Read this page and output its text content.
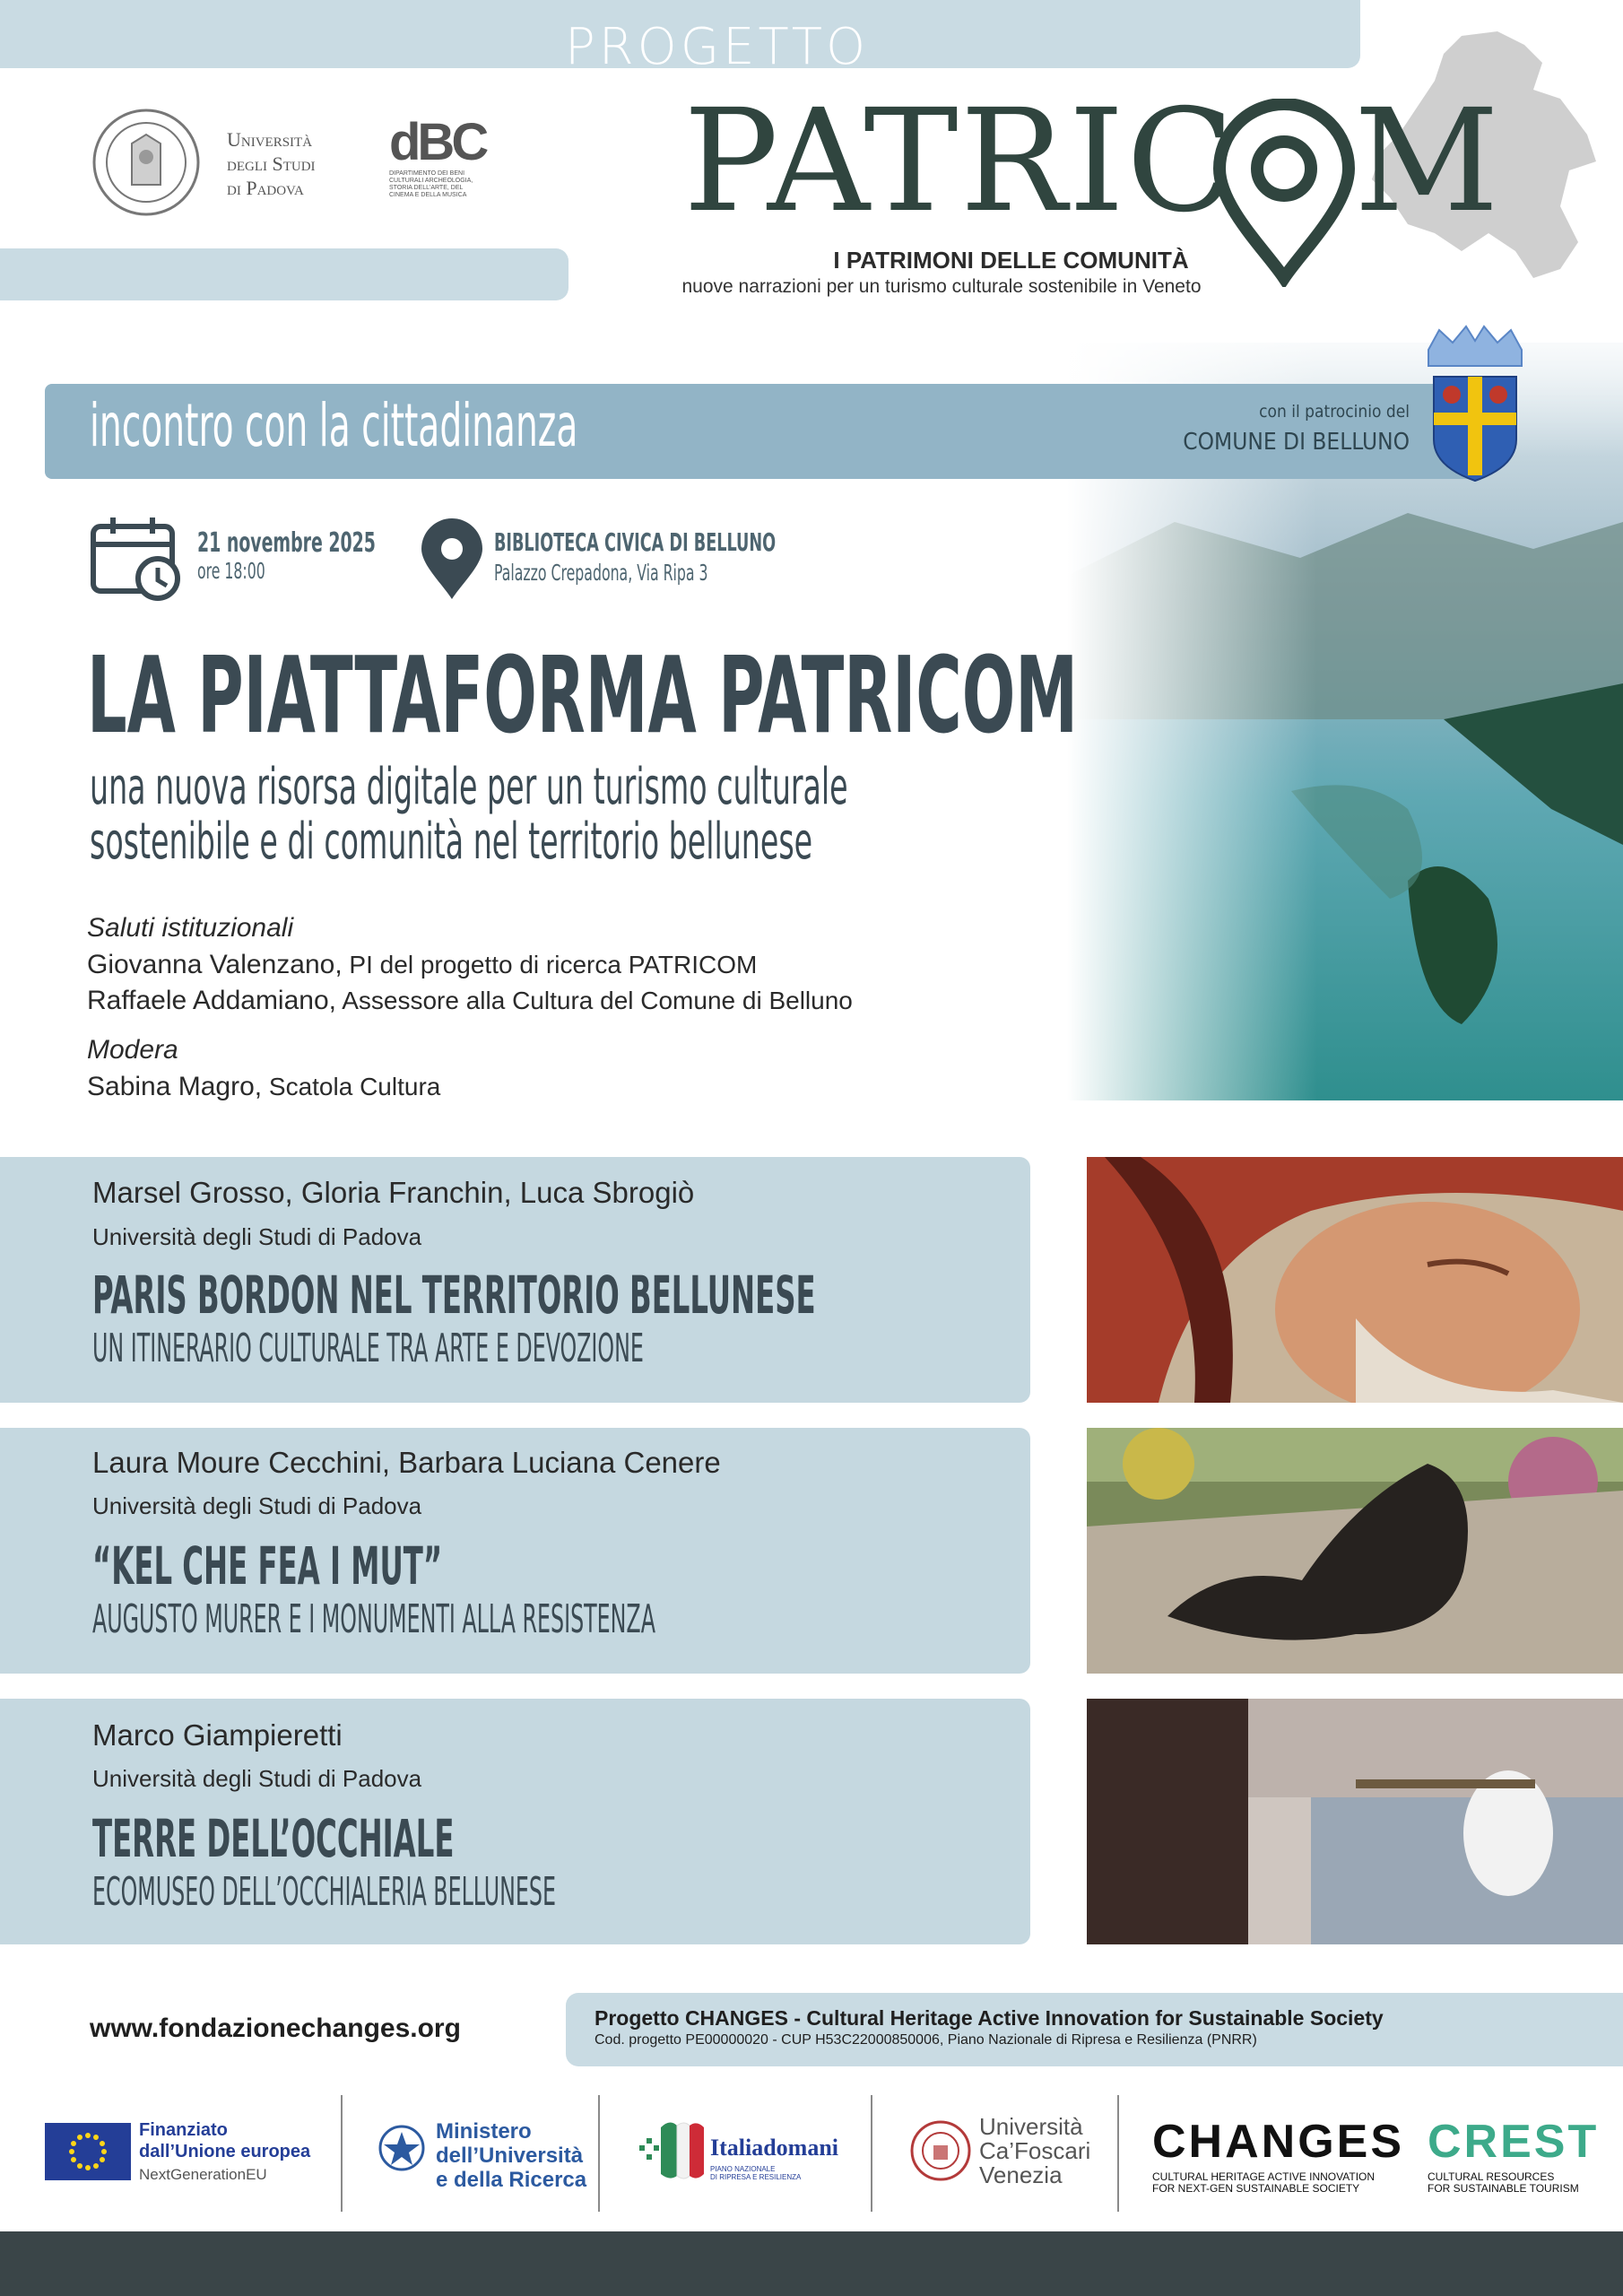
PROGETTO
Università
degli Studi
di Padova
dBC
DIPARTIMENTO DEI BENI CULTURALI ARCHEOLOGIA, STORIA DELL'ARTE, DEL CINEMA E DELLA MUSICA PATRIC M
I PATRIMONI DELLE COMUNITÀ
nuove narrazioni per un turismo culturale sostenibile in Veneto
incontro con la cittadinanza	con il patrocinio del
COMUNE DI BELLUNO
21 novembre 2025
ore 18:00
BIBLIOTECA CIVICA DI BELLUNO
Palazzo Crepadona, Via Ripa 3
LA PIATTAFORMA PATRICOM
una nuova risorsa digitale per un turismo culturale
sostenibile e di comunità nel territorio bellunese
Saluti istituzionali
Giovanna Valenzano, PI del progetto di ricerca PATRICOM
Raffaele Addamiano, Assessore alla Cultura del Comune di Belluno
Modera
Sabina Magro, Scatola Cultura
Marsel Grosso, Gloria Franchin, Luca Sbrogiò
Università degli Studi di Padova
PARIS BORDON NEL TERRITORIO BELLUNESE
UN ITINERARIO CULTURALE TRA ARTE E DEVOZIONE
Laura Moure Cecchini, Barbara Luciana Cenere
Università degli Studi di Padova
“KEL CHE FEA I MUT”
AUGUSTO MURER E I MONUMENTI ALLA RESISTENZA
Marco Giampieretti
Università degli Studi di Padova
TERRE DELL’OCCHIALE
ECOMUSEO DELL’OCCHIALERIA BELLUNESE
www.fondazionechanges.org	Progetto CHANGES - Cultural Heritage Active Innovation for Sustainable Society
Cod. progetto PE00000020 - CUP H53C22000850006, Piano Nazionale di Ripresa e Resilienza (PNRR)
Finanziato
dall’Unione europea
NextGenerationEU
Ministero
dell’Università
e della Ricerca
Italiadomani
PIANO NAZIONALE
DI RIPRESA E RESILIENZA
Università
Ca’Foscari
Venezia
CHANGES
CULTURAL HERITAGE ACTIVE INNOVATION
FOR NEXT-GEN SUSTAINABLE SOCIETY
CREST
CULTURAL RESOURCES
FOR SUSTAINABLE TOURISM
